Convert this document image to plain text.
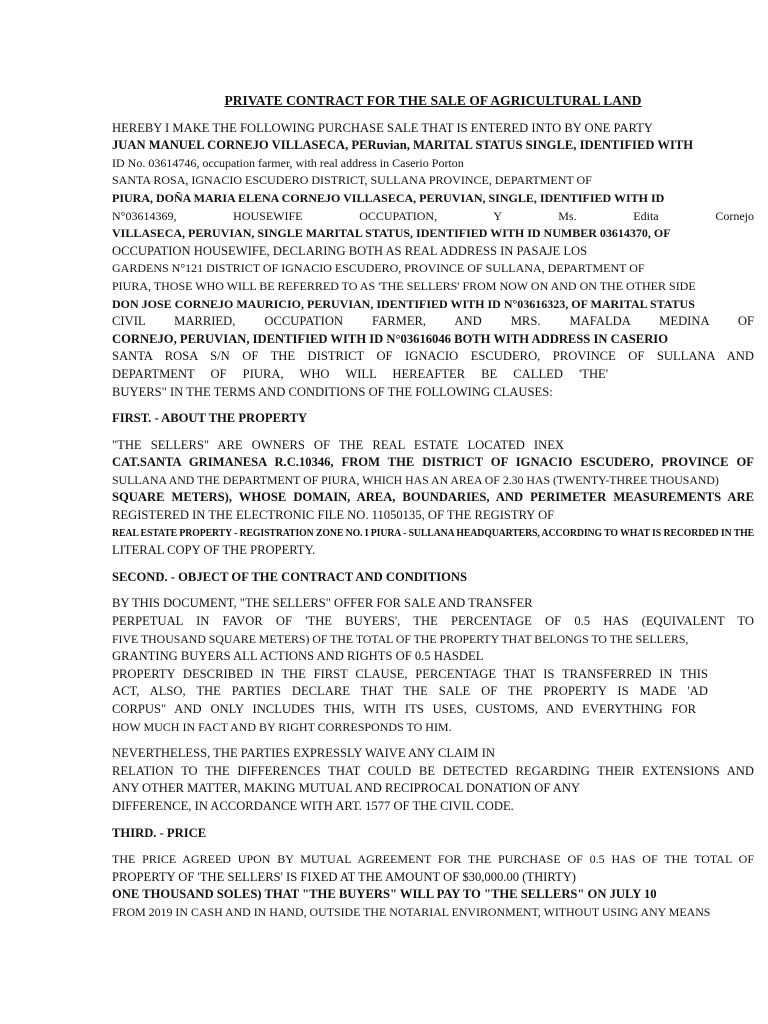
PRIVATE CONTRACT FOR THE SALE OF AGRICULTURAL LAND

HEREBY I MAKE THE FOLLOWING PURCHASE SALE THAT IS ENTERED INTO BY ONE PARTY
JUAN MANUEL CORNEJO VILLASECA, PERuvian, MARITAL STATUS SINGLE, IDENTIFIED WITH
ID No. 03614746, occupation farmer, with real address in Caserio Porton
SANTA ROSA, IGNACIO ESCUDERO DISTRICT, SULLANA PROVINCE, DEPARTMENT OF
PIURA, DOÑA MARIA ELENA CORNEJO VILLASECA, PERUVIAN, SINGLE, IDENTIFIED WITH ID
N°03614369, HOUSEWIFE OCCUPATION, Y Ms. Edita Cornejo
VILLASECA, PERUVIAN, SINGLE MARITAL STATUS, IDENTIFIED WITH ID NUMBER 03614370, OF
OCCUPATION HOUSEWIFE, DECLARING BOTH AS REAL ADDRESS IN PASAJE LOS
GARDENS N°121 DISTRICT OF IGNACIO ESCUDERO, PROVINCE OF SULLANA, DEPARTMENT OF
PIURA, THOSE WHO WILL BE REFERRED TO AS 'THE SELLERS' FROM NOW ON AND ON THE OTHER SIDE
DON JOSE CORNEJO MAURICIO, PERUVIAN, IDENTIFIED WITH ID N°03616323, OF MARITAL STATUS
CIVIL MARRIED, OCCUPATION FARMER, AND MRS. MAFALDA MEDINA OF
CORNEJO, PERUVIAN, IDENTIFIED WITH ID N°03616046 BOTH WITH ADDRESS IN CASERIO
SANTA ROSA S/N OF THE DISTRICT OF IGNACIO ESCUDERO, PROVINCE OF SULLANA AND
DEPARTMENT OF PIURA, WHO WILL HEREAFTER BE CALLED 'THE'
BUYERS" IN THE TERMS AND CONDITIONS OF THE FOLLOWING CLAUSES:

FIRST. - ABOUT THE PROPERTY

"THE SELLERS" ARE OWNERS OF THE REAL ESTATE LOCATED INEX
CAT.SANTA GRIMANESA R.C.10346, FROM THE DISTRICT OF IGNACIO ESCUDERO, PROVINCE OF
SULLANA AND THE DEPARTMENT OF PIURA, WHICH HAS AN AREA OF 2.30 HAS (TWENTY-THREE THOUSAND)
SQUARE METERS), WHOSE DOMAIN, AREA, BOUNDARIES, AND PERIMETER MEASUREMENTS ARE
REGISTERED IN THE ELECTRONIC FILE NO. 11050135, OF THE REGISTRY OF
REAL ESTATE PROPERTY - REGISTRATION ZONE NO. I PIURA - SULLANA HEADQUARTERS, ACCORDING TO WHAT IS RECORDED IN THE
LITERAL COPY OF THE PROPERTY.

SECOND. - OBJECT OF THE CONTRACT AND CONDITIONS

BY THIS DOCUMENT, "THE SELLERS" OFFER FOR SALE AND TRANSFER
PERPETUAL IN FAVOR OF 'THE BUYERS', THE PERCENTAGE OF 0.5 HAS (EQUIVALENT TO
FIVE THOUSAND SQUARE METERS) OF THE TOTAL OF THE PROPERTY THAT BELONGS TO THE SELLERS,
GRANTING BUYERS ALL ACTIONS AND RIGHTS OF 0.5 HASDEL
PROPERTY DESCRIBED IN THE FIRST CLAUSE, PERCENTAGE THAT IS TRANSFERRED IN THIS
ACT, ALSO, THE PARTIES DECLARE THAT THE SALE OF THE PROPERTY IS MADE 'AD
CORPUS" AND ONLY INCLUDES THIS, WITH ITS USES, CUSTOMS, AND EVERYTHING FOR
HOW MUCH IN FACT AND BY RIGHT CORRESPONDS TO HIM.
NEVERTHELESS, THE PARTIES EXPRESSLY WAIVE ANY CLAIM IN
RELATION TO THE DIFFERENCES THAT COULD BE DETECTED REGARDING THEIR EXTENSIONS AND
ANY OTHER MATTER, MAKING MUTUAL AND RECIPROCAL DONATION OF ANY
DIFFERENCE, IN ACCORDANCE WITH ART. 1577 OF THE CIVIL CODE.

THIRD. - PRICE

THE PRICE AGREED UPON BY MUTUAL AGREEMENT FOR THE PURCHASE OF 0.5 HAS OF THE TOTAL OF
PROPERTY OF 'THE SELLERS' IS FIXED AT THE AMOUNT OF $30,000.00 (THIRTY)
ONE THOUSAND SOLES) THAT "THE BUYERS" WILL PAY TO "THE SELLERS" ON JULY 10
FROM 2019 IN CASH AND IN HAND, OUTSIDE THE NOTARIAL ENVIRONMENT, WITHOUT USING ANY MEANS
